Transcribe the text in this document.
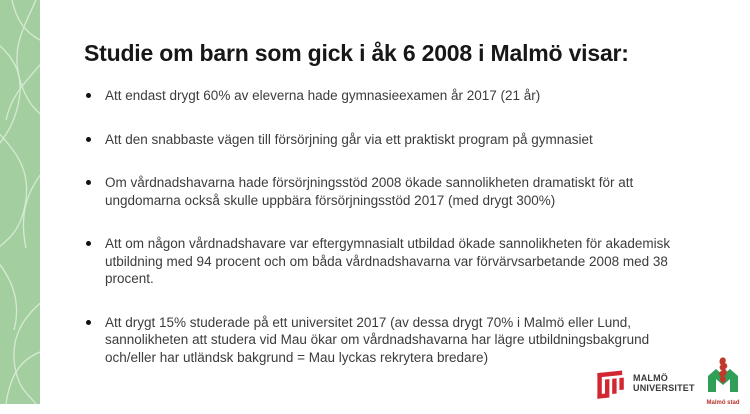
Studie om barn som gick i åk 6 2008 i Malmö visar:
Att endast drygt 60% av eleverna hade gymnasieexamen år 2017 (21 år)
Att den snabbaste vägen till försörjning går via ett praktiskt program på gymnasiet
Om vårdnadshavarna hade försörjningsstöd 2008 ökade sannolikheten dramatiskt för att ungdomarna också skulle uppbära försörjningsstöd 2017 (med drygt 300%)
Att om någon vårdnadshavare var eftergymnasialt utbildad ökade sannolikheten för akademisk utbildning med 94 procent och om båda vårdnadshavarna var förvärvsarbetande 2008 med 38 procent.
Att drygt 15% studerade på ett universitet 2017 (av dessa drygt 70% i Malmö eller Lund, sannolikheten att studera vid Mau ökar om vårdnadshavarna har lägre utbildningsbakgrund och/eller har utländsk bakgrund = Mau lyckas rekrytera bredare)
MALMÖ
UNIVERSITET
Malmö stad
